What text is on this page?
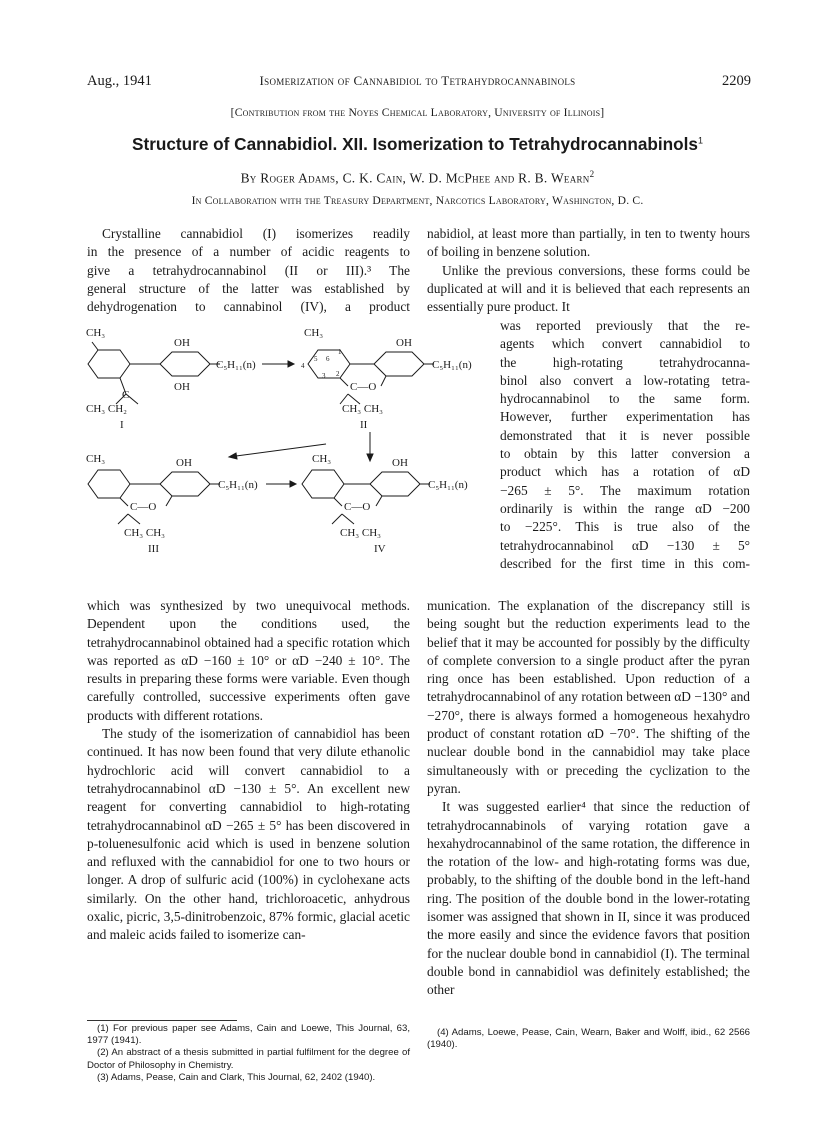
Aug., 1941	Isomerization of Cannabidiol to Tetrahydrocannabinols	2209
[Contribution from the Noyes Chemical Laboratory, University of Illinois]
Structure of Cannabidiol. XII. Isomerization to Tetrahydrocannabinols$^1$
By Roger Adams, C. K. Cain, W. D. McPhee and R. B. Wearn$^2$
In Collaboration with the Treasury Department, Narcotics Laboratory, Washington, D. C.
Crystalline cannabidiol (I) isomerizes readily
in the presence of a number of acidic reagents to
give a tetrahydrocannabinol (II or III).³ The
general structure of the latter was established by
dehydrogenation to cannabinol (IV), a product
CH₃
OH
OH
C₅H₁₁(n)
C
CH₃ CH₂
I
CH₃
OH
C₅H₁₁(n)
C—O
CH₃ CH₃
II
4
5 6
1
3 2
CH₃	OH
C₅H₁₁(n)
C—O
CH₃ CH₃
III
CH₃	OH
C₅H₁₁(n)
C—O
CH₃ CH₃
IV

which was synthesized by two unequivocal methods. Dependent upon the conditions used, the tetrahydrocannabinol obtained had a specific rotation which was reported as αD −160 ± 10° or αD −240 ± 10°. The results in preparing these forms were variable. Even though carefully controlled, successive experiments often gave products with different rotations.

The study of the isomerization of cannabidiol has been continued. It has now been found that very dilute ethanolic hydrochloric acid will convert cannabidiol to a tetrahydrocannabinol αD −130 ± 5°. An excellent new reagent for converting cannabidiol to high-rotating tetrahydrocannabinol αD −265 ± 5° has been discovered in p-toluenesulfonic acid which is used in benzene solution and refluxed with the cannabidiol for one to two hours or longer. A drop of sulfuric acid (100%) in cyclohexane acts similarly. On the other hand, trichloroacetic, anhydrous oxalic, picric, 3,5-dinitrobenzoic, 87% formic, glacial acetic and maleic acids failed to isomerize can-

(1) For previous paper see Adams, Cain and Loewe, This Journal, 63, 1977 (1941).

(2) An abstract of a thesis submitted in partial fulfilment for the degree of Doctor of Philosophy in Chemistry.

(3) Adams, Pease, Cain and Clark, This Journal, 62, 2402 (1940).

nabidiol, at least more than partially, in ten to twenty hours of boiling in benzene solution.

Unlike the previous conversions, these forms could be duplicated at will and it is believed that each represents an essentially pure product. It

was reported previously that the re-
agents which convert cannabidiol to
the high-rotating tetrahydrocanna-
binol also convert a low-rotating tetra-
hydrocannabinol to the same form.
However, further experimentation has
demonstrated that it is never possible
to obtain by this latter conversion a
product which has a rotation of αD
−265 ± 5°. The maximum rotation
ordinarily is within the range αD −200
to −225°. This is true also of the
tetrahydrocannabinol αD −130 ± 5°
described for the first time in this com-

munication. The explanation of the discrepancy still is being sought but the reduction experiments lead to the belief that it may be accounted for possibly by the difficulty of complete conversion to a single product after the pyran ring once has been established. Upon reduction of a tetrahydrocannabinol of any rotation between αD −130° and −270°, there is always formed a homogeneous hexahydro product of constant rotation αD −70°. The shifting of the nuclear double bond in the cannabidiol may take place simultaneously with or preceding the cyclization to the pyran.

It was suggested earlier⁴ that since the reduction of tetrahydrocannabinols of varying rotation gave a hexahydrocannabinol of the same rotation, the difference in the rotation of the low- and high-rotating forms was due, probably, to the shifting of the double bond in the left-hand ring. The position of the double bond in the lower-rotating isomer was assigned that shown in II, since it was produced the more easily and since the evidence favors that position for the nuclear double bond in cannabidiol (I). The terminal double bond in cannabidiol was definitely established; the other

(4) Adams, Loewe, Pease, Cain, Wearn, Baker and Wolff, ibid., 62 2566 (1940).
